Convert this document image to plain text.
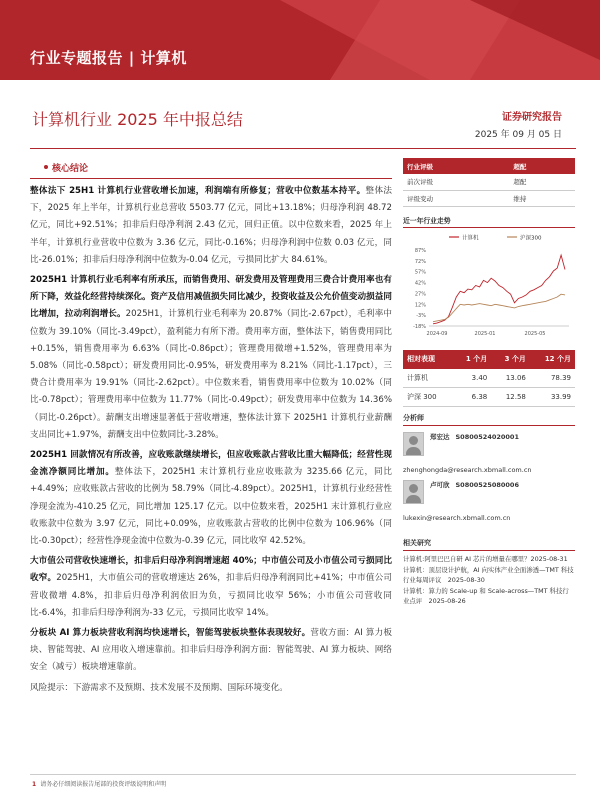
行业专题报告 | 计算机
计算机行业 2025 年中报总结	证券研究报告
2025 年 09 月 05 日
核心结论

整体法下 25H1 计算机行业营收增长加速，利润端有所修复；营收中位数基本持平。整体法下，2025 年上半年，计算机行业总营收 5503.77 亿元，同比+13.18%；归母净利润 48.72 亿元，同比+92.51%；扣非后归母净利润 2.43 亿元，回归正值。以中位数来看，2025 年上半年，计算机行业营收中位数为 3.36 亿元，同比-0.16%；归母净利润中位数 0.03 亿元，同比-26.01%；扣非后归母净利润中位数为-0.04 亿元，亏损同比扩大 84.61%。

2025H1 计算机行业毛利率有所承压，而销售费用、研发费用及管理费用三费合计费用率也有所下降，效益化经营持续深化。资产及信用减值损失同比减少，投资收益及公允价值变动损益同比增加，拉动利润增长。2025H1，计算机行业毛利率为 20.87%（同比-2.67pct），毛利率中位数为 39.10%（同比-3.49pct），盈利能力有所下滑。费用率方面，整体法下，销售费用同比+0.15%，销售费用率为 6.63%（同比-0.86pct）；管理费用微增+1.52%，管理费用率为 5.08%（同比-0.58pct）；研发费用同比-0.95%，研发费用率为 8.21%（同比-1.17pct），三费合计费用率为 19.91%（同比-2.62pct）。中位数来看，销售费用率中位数为 10.02%（同比-0.78pct）；管理费用率中位数为 11.77%（同比-0.49pct）；研发费用率中位数为 14.36%（同比-0.26pct）。薪酬支出增速显著低于营收增速，整体法计算下 2025H1 计算机行业薪酬支出同比+1.97%，薪酬支出中位数同比-3.28%。

2025H1 回款情况有所改善，应收账款继续增长，但应收账款占营收比重大幅降低；经营性现金流净额同比增加。整体法下，2025H1 末计算机行业应收账款为 3235.66 亿元，同比+4.49%；应收账款占营收的比例为 58.79%（同比-4.89pct）。2025H1，计算机行业经营性净现金流为-410.25 亿元，同比增加 125.17 亿元。以中位数来看，2025H1 末计算机行业应收账款中位数为 3.97 亿元，同比+0.09%，应收账款占营收的比例中位数为 106.96%（同比-0.30pct）；经营性净现金流中位数为-0.39 亿元，同比收窄 42.52%。

大市值公司营收快速增长，扣非后归母净利润增速超 40%；中市值公司及小市值公司亏损同比收窄。2025H1，大市值公司的营收增速达 26%，扣非后归母净利润同比+41%；中市值公司营收微增 4.8%，扣非后归母净利润依旧为负，亏损同比收窄 56%；小市值公司营收同比-6.4%，扣非后归母净利润为-33 亿元，亏损同比收窄 14%。

分板块 AI 算力板块营收利润均快速增长，智能驾驶板块整体表现较好。营收方面：AI 算力板块、智能驾驶、AI 应用收入增速靠前。扣非后归母净利润方面：智能驾驶、AI 算力板块、网络安全（减亏）板块增速靠前。

风险提示：下游需求不及预期、技术发展不及预期、国际环境变化。

行业评级	超配
前次评级	超配
评级变动	维持
近一年行业走势
计算机	沪深300
87%
72%
57%
42%
27%
12%
-3%
-18%
2024-09	2025-01	2025-05
相对表现	1 个月	3 个月	12 个月
计算机	3.40	13.06	78.39
沪深 300	6.38	12.58	33.99
分析师
郑宏达 S0800524020001
zhenghongda@research.xbmall.com.cn
卢可欣 S0800525080006
lukexin@research.xbmall.com.cn
相关研究
计算机:阿里巴巴自研 AI 芯片的增量在哪里？2025-08-31
计算机：顶层设计护航，AI 向实体产业全面渗透—TMT 科技行业每周评议　2025-08-30
计算机：算力的 Scale-up 和 Scale-across—TMT 科技行业点评　2025-08-26
1 请务必仔细阅读报告尾部的投资评级说明和声明
